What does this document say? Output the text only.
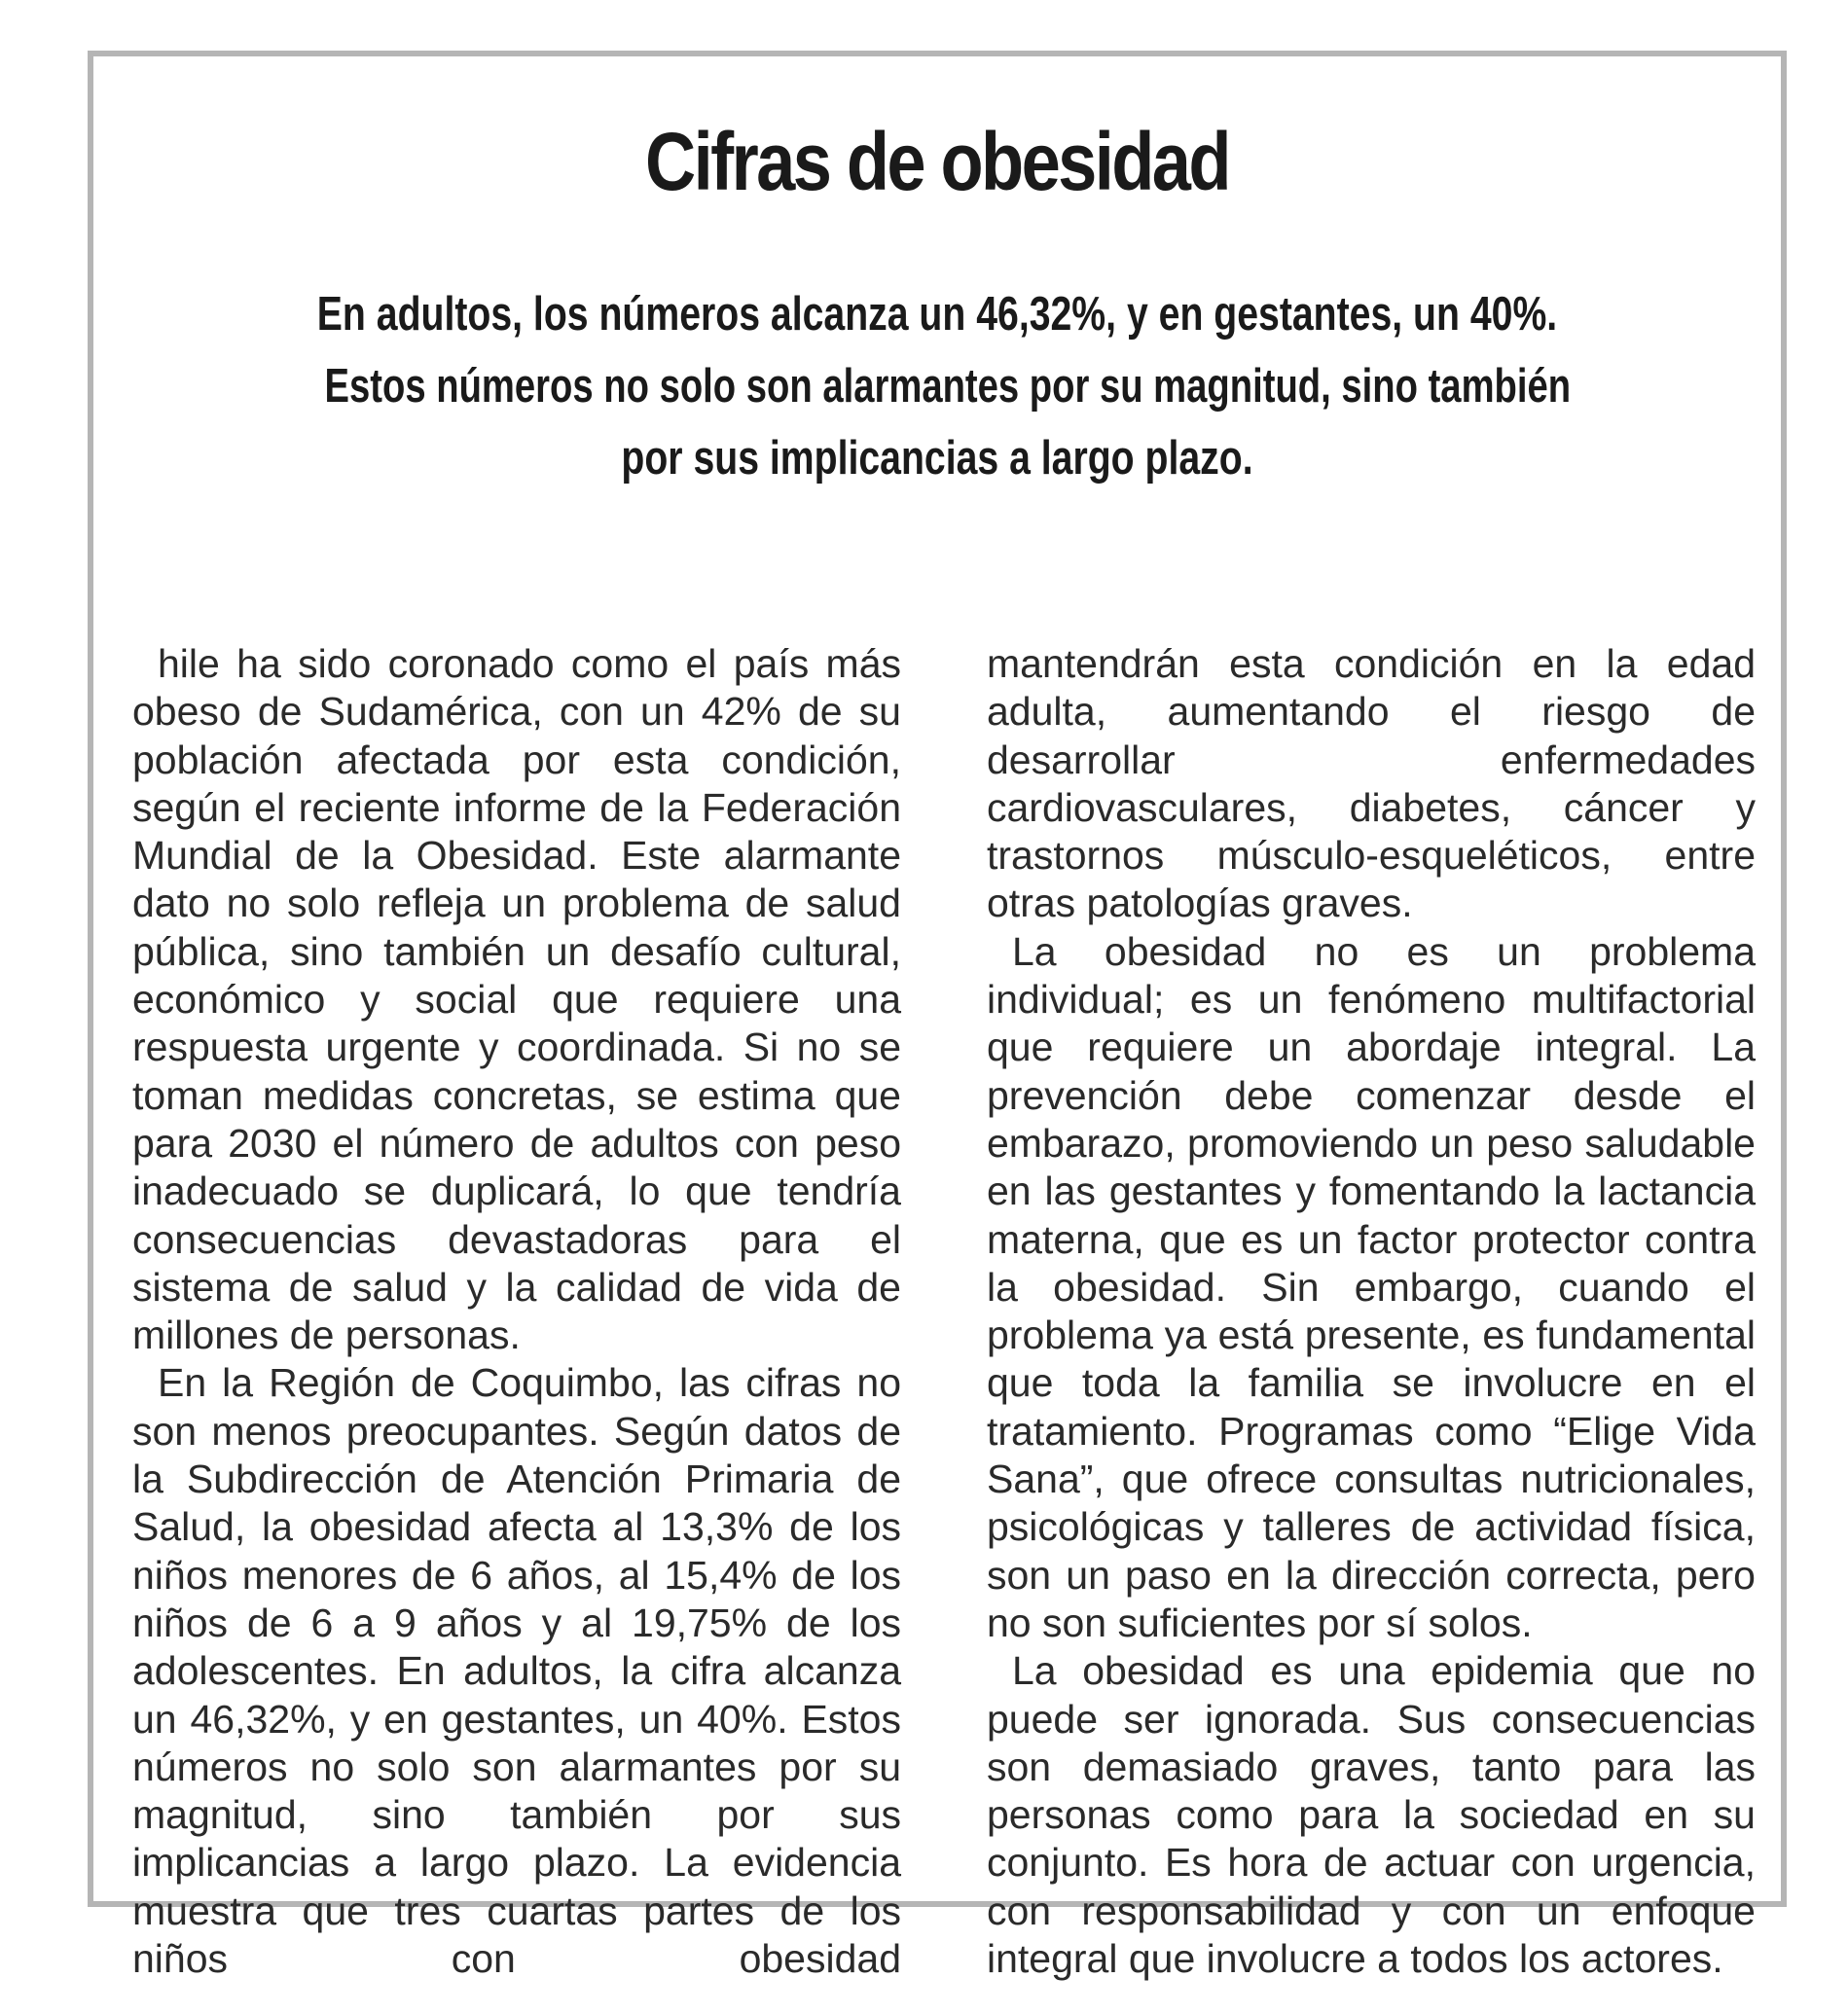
Cifras de obesidad
En adultos, los números alcanza un 46,32%, y en gestantes, un 40%.
Estos números no solo son alarmantes por su magnitud, sino también
por sus implicancias a largo plazo.

hile ha sido coronado como el país más obeso de Sudamérica, con un 42% de su población afectada por esta condición, según el reciente informe de la Federación Mundial de la Obesidad. Este alarmante dato no solo refleja un problema de salud pública, sino también un desafío cultural, económico y social que requiere una respuesta urgente y coordinada. Si no se toman medidas concretas, se estima que para 2030 el número de adultos con peso inadecuado se duplicará, lo que tendría consecuencias devastadoras para el sistema de salud y la calidad de vida de millones de personas.

En la Región de Coquimbo, las cifras no son menos preocupantes. Según datos de la Subdirección de Atención Primaria de Salud, la obesidad afecta al 13,3% de los niños menores de 6 años, al 15,4% de los niños de 6 a 9 años y al 19,75% de los adolescentes. En adultos, la cifra alcanza un 46,32%, y en gestantes, un 40%. Estos números no solo son alarmantes por su magnitud, sino también por sus implicancias a largo plazo. La evidencia muestra que tres cuartas partes de los niños con obesidad

mantendrán esta condición en la edad adulta, aumentando el riesgo de desarrollar enfermedades cardiovasculares, diabetes, cáncer y trastornos músculo-esqueléticos, entre otras patologías graves.

La obesidad no es un problema individual; es un fenómeno multifactorial que requiere un abordaje integral. La prevención debe comenzar desde el embarazo, promoviendo un peso saludable en las gestantes y fomentando la lactancia materna, que es un factor protector contra la obesidad. Sin embargo, cuando el problema ya está presente, es fundamental que toda la familia se involucre en el tratamiento. Programas como “Elige Vida Sana”, que ofrece consultas nutricionales, psicológicas y talleres de actividad física, son un paso en la dirección correcta, pero no son suficientes por sí solos.

La obesidad es una epidemia que no puede ser ignorada. Sus consecuencias son demasiado graves, tanto para las personas como para la sociedad en su conjunto. Es hora de actuar con urgencia, con responsabilidad y con un enfoque integral que involucre a todos los actores.
